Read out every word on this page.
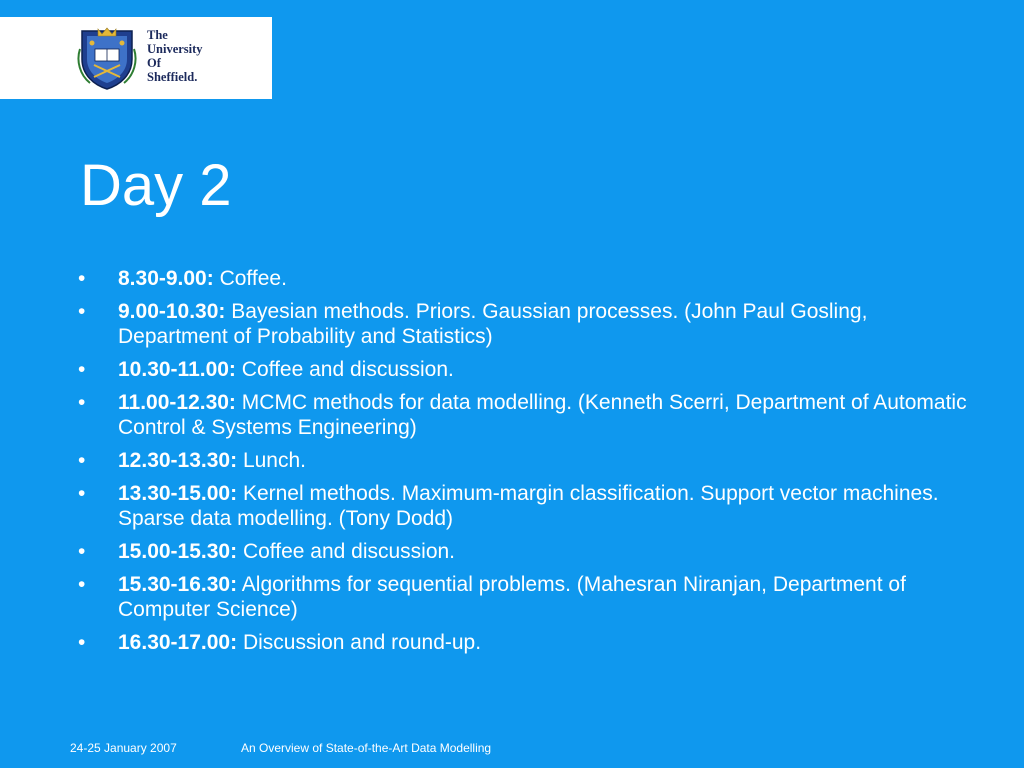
The
University
Of
Sheffield.
Day 2
• 8.30-9.00: Coffee.
• 9.00-10.30: Bayesian methods. Priors. Gaussian processes. (John Paul Gosling, Department of Probability and Statistics)
• 10.30-11.00: Coffee and discussion.
• 11.00-12.30: MCMC methods for data modelling. (Kenneth Scerri, Department of Automatic Control & Systems Engineering)
• 12.30-13.30: Lunch.
• 13.30-15.00: Kernel methods. Maximum-margin classification. Support vector machines. Sparse data modelling. (Tony Dodd)
• 15.00-15.30: Coffee and discussion.
• 15.30-16.30: Algorithms for sequential problems. (Mahesran Niranjan, Department of Computer Science)
• 16.30-17.00: Discussion and round-up.
24-25 January 2007	An Overview of State-of-the-Art Data Modelling
